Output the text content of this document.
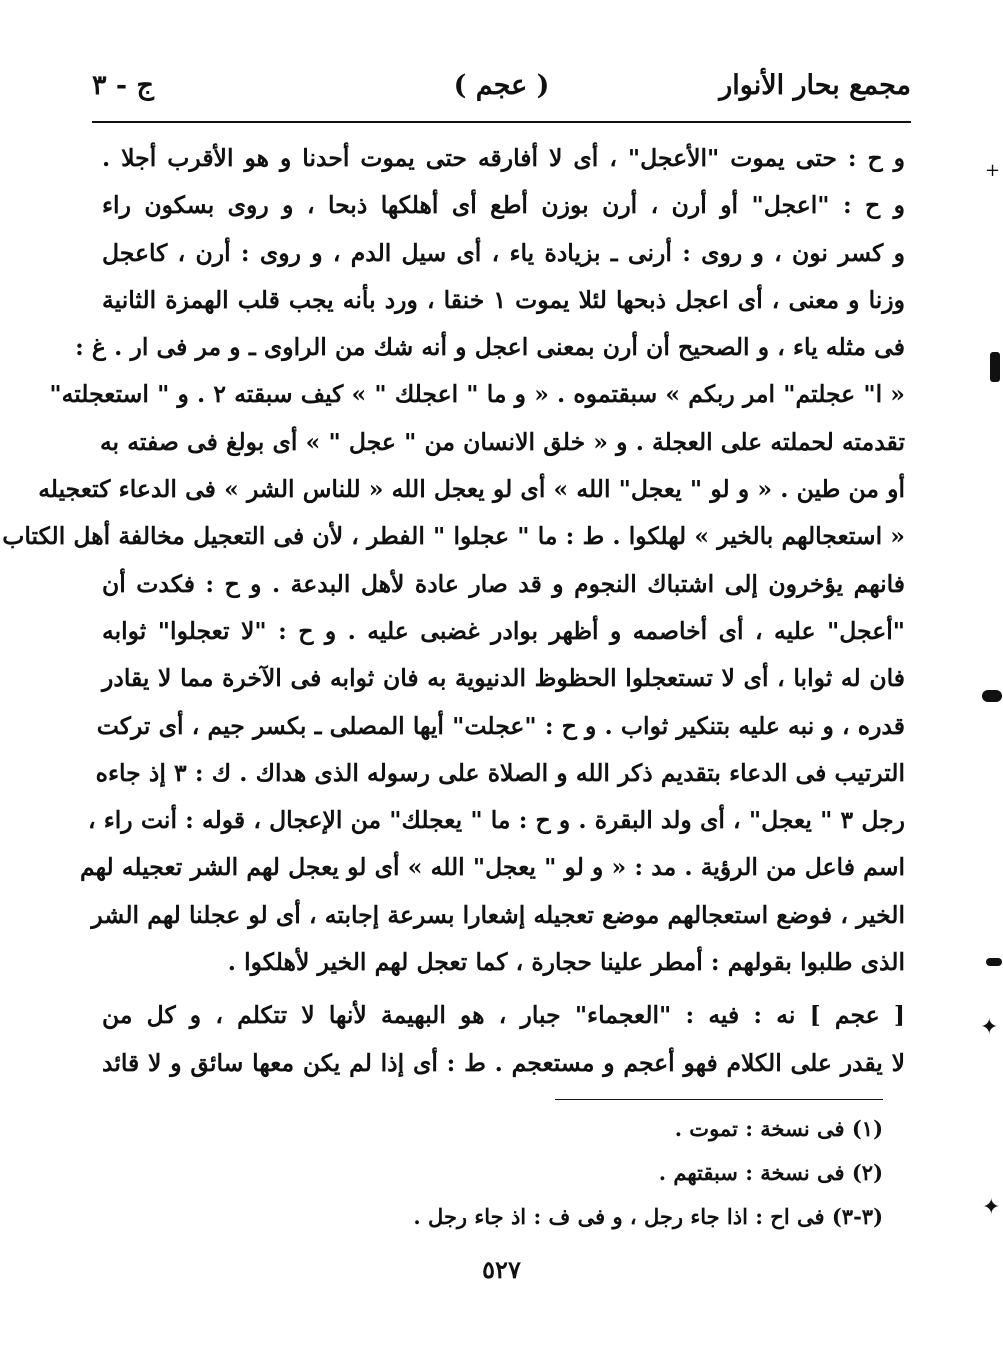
مجمع بحار الأنوار
( عجم )
ج - ٣
و ح : حتى يموت "الأعجل" ، أى لا أفارقه حتى يموت أحدنا و هو الأقرب أجلا .
و ح : "اعجل" أو أرن ، أرن بوزن أطع أى أهلكها ذبحا ، و روى بسكون راء
و كسر نون ، و روى : أرنى ـ بزيادة ياء ، أى سيل الدم ، و روى : أرن ، كاعجل
وزنا و معنى ، أى اعجل ذبحها لئلا يموت ١ خنقا ، ورد بأنه يجب قلب الهمزة الثانية
فى مثله ياء ، و الصحيح أن أرن بمعنى اعجل و أنه شك من الراوى ـ و مر فى ار . غ :
« ا" عجلتم" امر ربكم » سبقتموه . « و ما " اعجلك " » كيف سبقته ٢ . و " استعجلته"
تقدمته لحملته على العجلة . و « خلق الانسان من " عجل " » أى بولغ فى صفته به
أو من طين . « و لو " يعجل" الله » أى لو يعجل الله « للناس الشر » فى الدعاء كتعجيله
« استعجالهم بالخير » لهلكوا . ط : ما " عجلوا " الفطر ، لأن فى التعجيل مخالفة أهل الكتاب
فانهم يؤخرون إلى اشتباك النجوم و قد صار عادة لأهل البدعة . و ح : فكدت أن
"أعجل" عليه ، أى أخاصمه و أظهر بوادر غضبى عليه . و ح : "لا تعجلوا" ثوابه
فان له ثوابا ، أى لا تستعجلوا الحظوظ الدنيوية به فان ثوابه فى الآخرة مما لا يقادر
قدره ، و نبه عليه بتنكير ثواب . و ح : "عجلت" أيها المصلى ـ بكسر جيم ، أى تركت
الترتيب فى الدعاء بتقديم ذكر الله و الصلاة على رسوله الذى هداك . ك : ٣ إذ جاءه
رجل ٣ " يعجل" ، أى ولد البقرة . و ح : ما " يعجلك" من الإعجال ، قوله : أنت راء ،
اسم فاعل من الرؤية . مد : « و لو " يعجل" الله » أى لو يعجل لهم الشر تعجيله لهم
الخير ، فوضع استعجالهم موضع تعجيله إشعارا بسرعة إجابته ، أى لو عجلنا لهم الشر
الذى طلبوا بقولهم : أمطر علينا حجارة ، كما تعجل لهم الخير لأهلكوا .
[ عجم ] نه : فيه : "العجماء" جبار ، هو البهيمة لأنها لا تتكلم ، و كل من
لا يقدر على الكلام فهو أعجم و مستعجم . ط : أى إذا لم يكن معها سائق و لا قائد
(١) فى نسخة : تموت .
(٢) فى نسخة : سبقتهم .
(٣-٣) فى اح : اذا جاء رجل ، و فى ف : اذ جاء رجل .
٥٢٧
+
✦
✦
